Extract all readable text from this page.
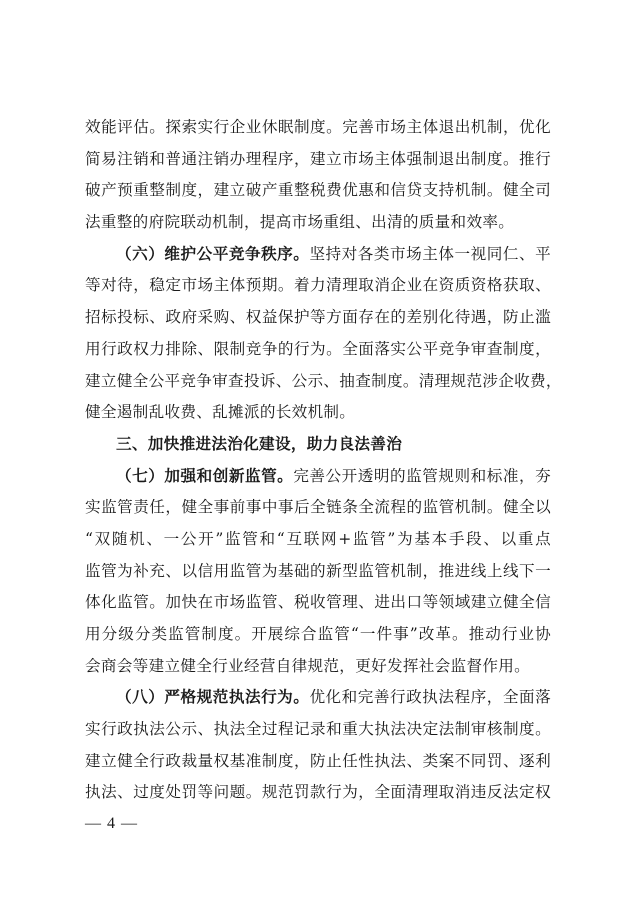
效能评估。探索实行企业休眠制度。完善市场主体退出机制，优化
简易注销和普通注销办理程序，建立市场主体强制退出制度。推行
破产预重整制度，建立破产重整税费优惠和信贷支持机制。健全司
法重整的府院联动机制，提高市场重组、出清的质量和效率。
（六）维护公平竞争秩序。坚持对各类市场主体一视同仁、平
等对待，稳定市场主体预期。着力清理取消企业在资质资格获取、
招标投标、政府采购、权益保护等方面存在的差别化待遇，防止滥
用行政权力排除、限制竞争的行为。全面落实公平竞争审查制度，
建立健全公平竞争审查投诉、公示、抽查制度。清理规范涉企收费，
健全遏制乱收费、乱摊派的长效机制。
三、加快推进法治化建设，助力良法善治
（七）加强和创新监管。完善公开透明的监管规则和标准，夯
实监管责任，健全事前事中事后全链条全流程的监管机制。健全以
“双随机、一公开”监管和“互联网+监管”为基本手段、以重点
监管为补充、以信用监管为基础的新型监管机制，推进线上线下一
体化监管。加快在市场监管、税收管理、进出口等领域建立健全信
用分级分类监管制度。开展综合监管“一件事”改革。推动行业协
会商会等建立健全行业经营自律规范，更好发挥社会监督作用。
（八）严格规范执法行为。优化和完善行政执法程序，全面落
实行政执法公示、执法全过程记录和重大执法决定法制审核制度。
建立健全行政裁量权基准制度，防止任性执法、类案不同罚、逐利
执法、过度处罚等问题。规范罚款行为，全面清理取消违反法定权
— 4 —
